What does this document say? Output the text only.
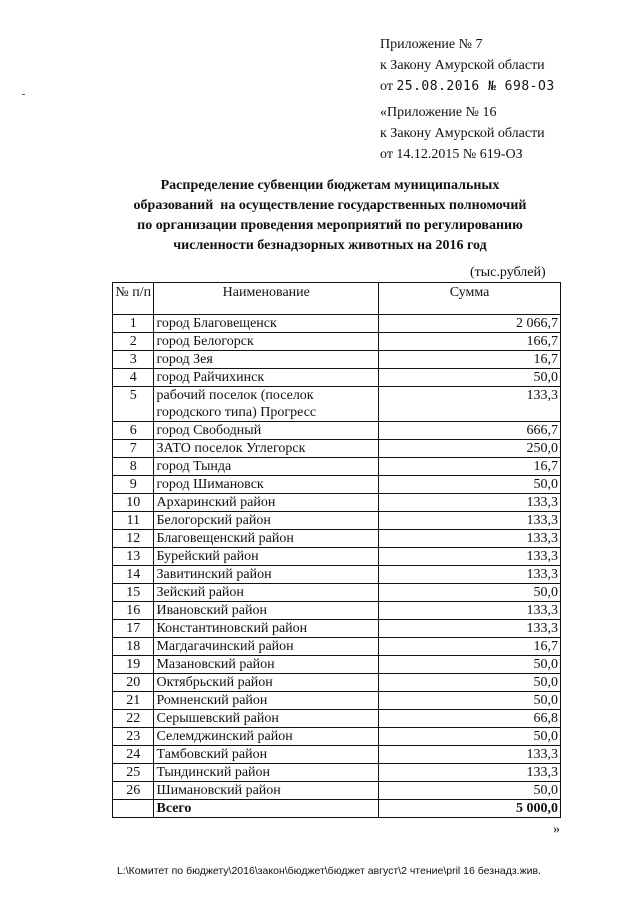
Приложение № 7
к Закону Амурской области
от 25.08.2016 № 698-ОЗ
«Приложение № 16
к Закону Амурской области
от 14.12.2015 № 619-ОЗ
Распределение субвенции бюджетам муниципальных
образований  на осуществление государственных полномочий
по организации проведения мероприятий по регулированию
численности безнадзорных животных на 2016 год
(тыс.рублей)
№ п/п	Наименование	Сумма
1	город Благовещенск	2 066,7
2	город Белогорск	166,7
3	город Зея	16,7
4	город Райчихинск	50,0
5	рабочий поселок (поселок городского типа) Прогресс	133,3
6	город Свободный	666,7
7	ЗАТО поселок Углегорск	250,0
8	город Тында	16,7
9	город Шимановск	50,0
10	Архаринский район	133,3
11	Белогорский район	133,3
12	Благовещенский район	133,3
13	Бурейский район	133,3
14	Завитинский район	133,3
15	Зейский район	50,0
16	Ивановский район	133,3
17	Константиновский район	133,3
18	Магдагачинский район	16,7
19	Мазановский район	50,0
20	Октябрьский район	50,0
21	Ромненский район	50,0
22	Серышевский район	66,8
23	Селемджинский район	50,0
24	Тамбовский район	133,3
25	Тындинский район	133,3
26	Шимановский район	50,0
	Всего	5 000,0
»
L:\Комитет по бюджету\2016\закон\бюджет\бюджет август\2 чтение\pril 16 безнадз.жив.
